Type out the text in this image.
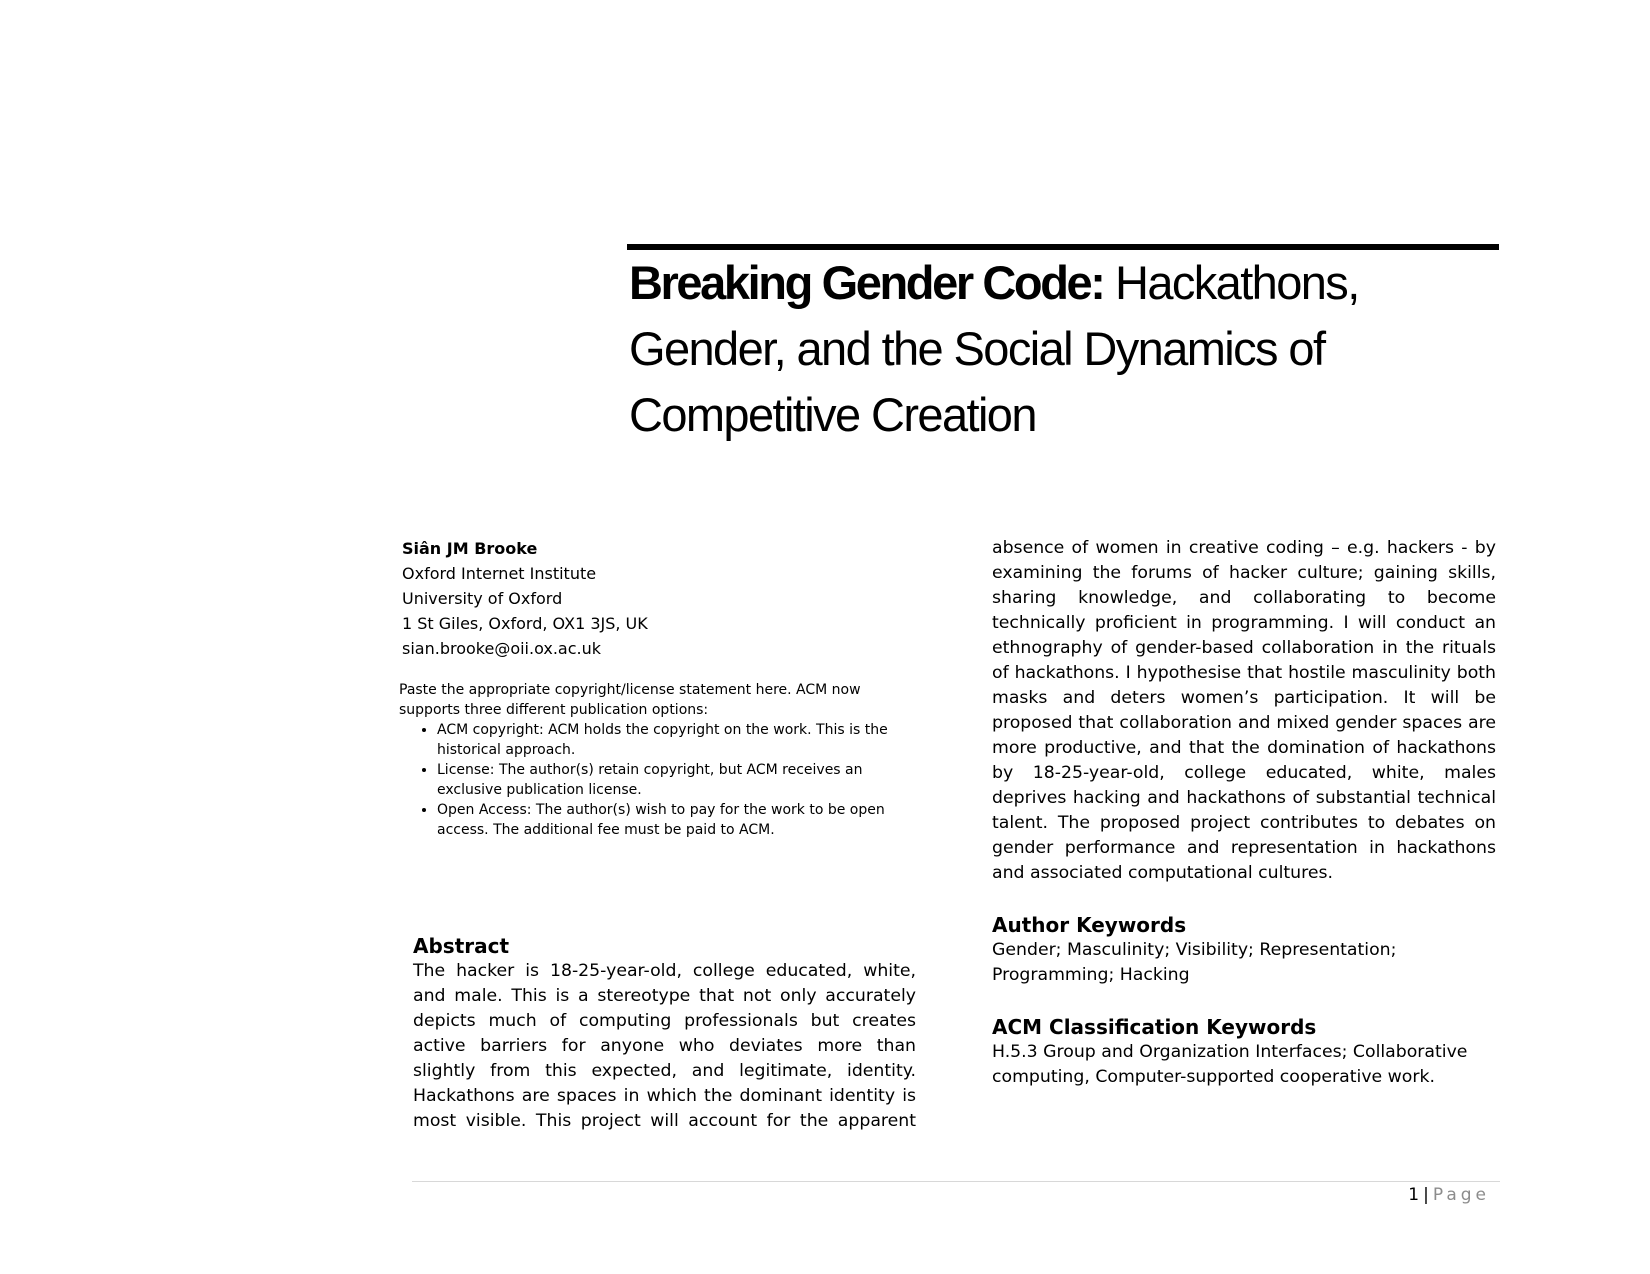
Breaking Gender Code: Hackathons, Gender, and the Social Dynamics of Competitive Creation
Siân JM Brooke
Oxford Internet Institute
University of Oxford
1 St Giles, Oxford, OX1 3JS, UK
sian.brooke@oii.ox.ac.uk
Paste the appropriate copyright/license statement here. ACM now supports three different publication options:
• ACM copyright: ACM holds the copyright on the work. This is the historical approach.
• License: The author(s) retain copyright, but ACM receives an exclusive publication license.
• Open Access: The author(s) wish to pay for the work to be open access. The additional fee must be paid to ACM.
Abstract
The hacker is 18-25-year-old, college educated, white,
and male. This is a stereotype that not only accurately
depicts much of computing professionals but creates
active barriers for anyone who deviates more than
slightly from this expected, and legitimate, identity.
Hackathons are spaces in which the dominant identity is
most visible. This project will account for the apparent
absence of women in creative coding – e.g. hackers - by examining the forums of hacker culture; gaining skills, sharing knowledge, and collaborating to become technically proficient in programming. I will conduct an ethnography of gender-based collaboration in the rituals of hackathons. I hypothesise that hostile masculinity both masks and deters women’s participation. It will be proposed that collaboration and mixed gender spaces are more productive, and that the domination of hackathons by 18-25-year-old, college educated, white, males deprives hacking and hackathons of substantial technical talent. The proposed project contributes to debates on gender performance and representation in hackathons and associated computational cultures.
Author Keywords
Gender; Masculinity; Visibility; Representation; Programming; Hacking
ACM Classification Keywords
H.5.3 Group and Organization Interfaces; Collaborative computing, Computer-supported cooperative work.
1 | Page
